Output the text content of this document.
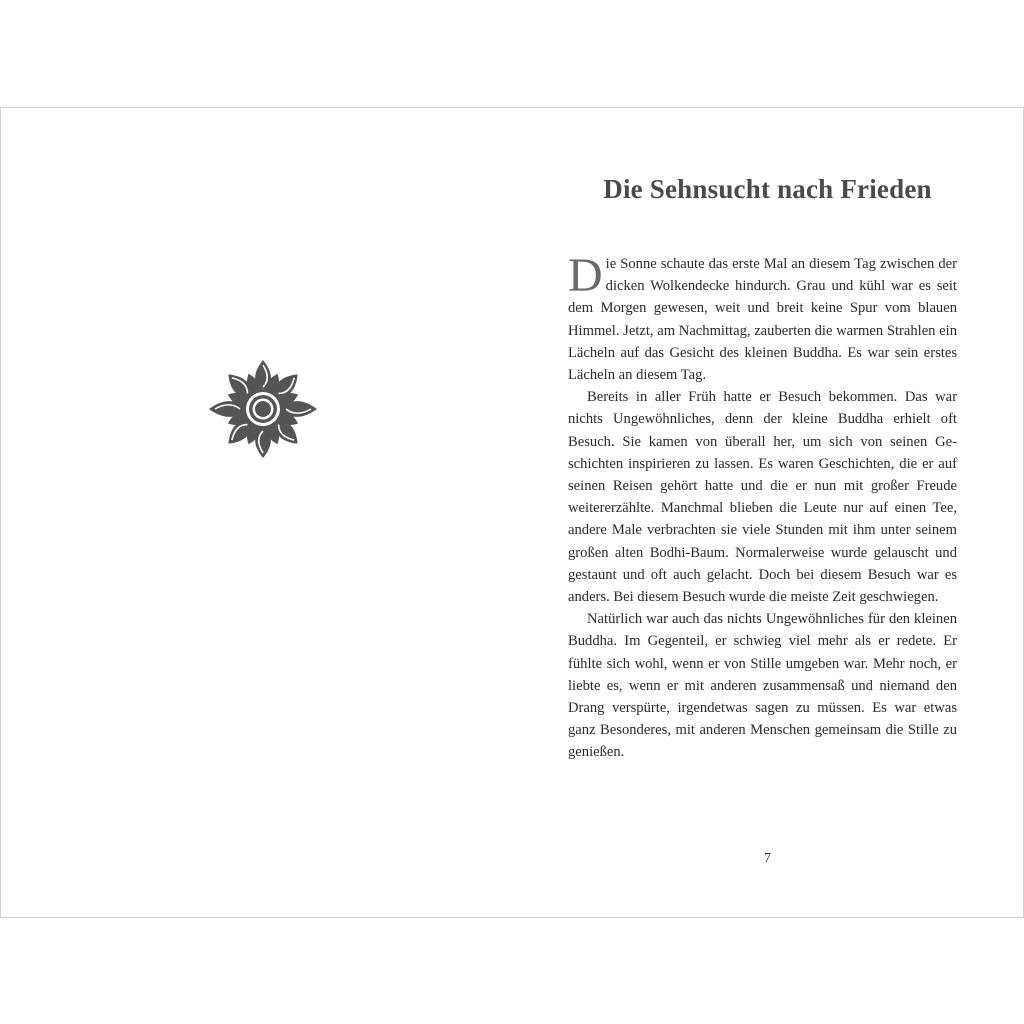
Die Sehnsucht nach Frieden

Die Sonne schaute das erste Mal an diesem Tag zwischen der dicken Wolkendecke hindurch. Grau und kühl war es seit dem Morgen gewesen, weit und breit keine Spur vom blauen Himmel. Jetzt, am Nachmittag, zauberten die warmen Strahlen ein Lächeln auf das Gesicht des kleinen Buddha. Es war sein erstes Lächeln an diesem Tag.

Bereits in aller Früh hatte er Besuch bekommen. Das war nichts Ungewöhnliches, denn der kleine Buddha erhielt oft Besuch. Sie kamen von überall her, um sich von seinen Geschichten inspirieren zu lassen. Es waren Geschichten, die er auf seinen Reisen gehört hatte und die er nun mit großer Freude weitererzählte. Manchmal blieben die Leute nur auf einen Tee, andere Male verbrachten sie viele Stunden mit ihm unter seinem großen alten Bodhi-Baum. Normalerweise wurde gelauscht und gestaunt und oft auch gelacht. Doch bei diesem Besuch war es anders. Bei diesem Besuch wurde die meiste Zeit geschwiegen.

Natürlich war auch das nichts Ungewöhnliches für den kleinen Buddha. Im Gegenteil, er schwieg viel mehr als er redete. Er fühlte sich wohl, wenn er von Stille umgeben war. Mehr noch, er liebte es, wenn er mit anderen zusammensaß und niemand den Drang verspürte, irgendetwas sagen zu müssen. Es war etwas ganz Besonderes, mit anderen Menschen gemeinsam die Stille zu genießen.

7
